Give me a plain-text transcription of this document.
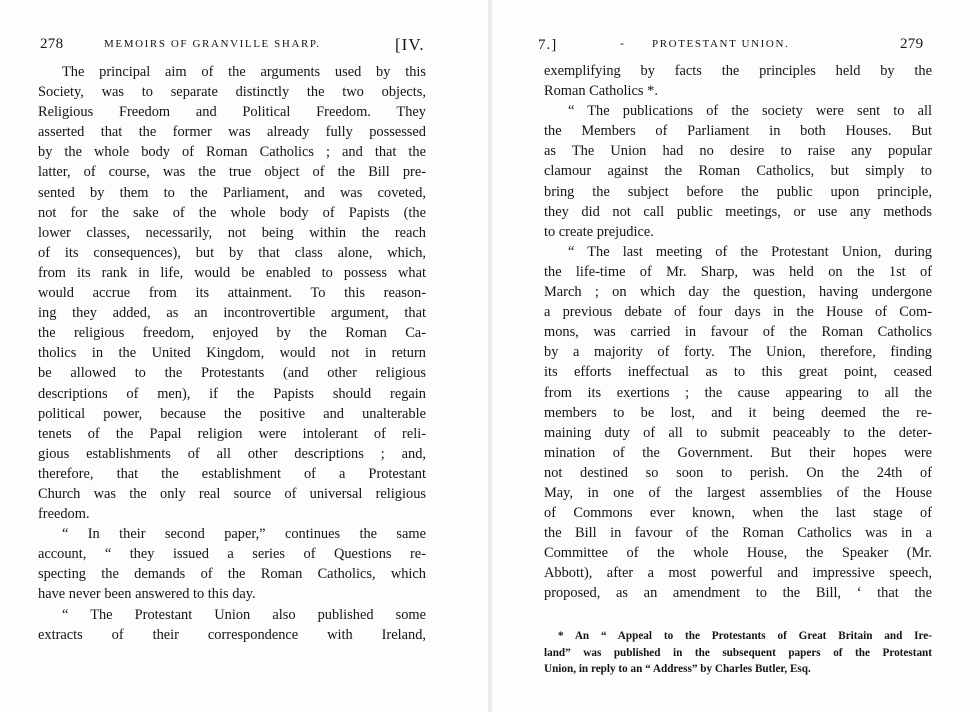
278	MEMOIRS OF GRANVILLE SHARP.	[IV.
The principal aim of the arguments used by this
Society, was to separate distinctly the two objects,
Religious Freedom and Political Freedom. They
asserted that the former was already fully possessed
by the whole body of Roman Catholics ; and that the
latter, of course, was the true object of the Bill pre-
sented by them to the Parliament, and was coveted,
not for the sake of the whole body of Papists (the
lower classes, necessarily, not being within the reach
of its consequences), but by that class alone, which,
from its rank in life, would be enabled to possess what
would accrue from its attainment. To this reason-
ing they added, as an incontrovertible argument, that
the religious freedom, enjoyed by the Roman Ca-
tholics in the United Kingdom, would not in return
be allowed to the Protestants (and other religious
descriptions of men), if the Papists should regain
political power, because the positive and unalterable
tenets of the Papal religion were intolerant of reli-
gious establishments of all other descriptions ; and,
therefore, that the establishment of a Protestant
Church was the only real source of universal religious
freedom.
“ In their second paper,” continues the same
account, “ they issued a series of Questions re-
specting the demands of the Roman Catholics, which
have never been answered to this day.
“ The Protestant Union also published some
extracts of their correspondence with Ireland,
7.]	‐	PROTESTANT UNION.	279
exemplifying by facts the principles held by the
Roman Catholics *.
“ The publications of the society were sent to all
the Members of Parliament in both Houses. But
as The Union had no desire to raise any popular
clamour against the Roman Catholics, but simply to
bring the subject before the public upon principle,
they did not call public meetings, or use any methods
to create prejudice.
“ The last meeting of the Protestant Union, during
the life-time of Mr. Sharp, was held on the 1st of
March ; on which day the question, having undergone
a previous debate of four days in the House of Com-
mons, was carried in favour of the Roman Catholics
by a majority of forty. The Union, therefore, finding
its efforts ineffectual as to this great point, ceased
from its exertions ; the cause appearing to all the
members to be lost, and it being deemed the re-
maining duty of all to submit peaceably to the deter-
mination of the Government. But their hopes were
not destined so soon to perish. On the 24th of
May, in one of the largest assemblies of the House
of Commons ever known, when the last stage of
the Bill in favour of the Roman Catholics was in a
Committee of the whole House, the Speaker (Mr.
Abbott), after a most powerful and impressive speech,
proposed, as an amendment to the Bill, ‘ that the
* An “ Appeal to the Protestants of Great Britain and Ire-
land” was published in the subsequent papers of the Protestant
Union, in reply to an “ Address” by Charles Butler, Esq.
